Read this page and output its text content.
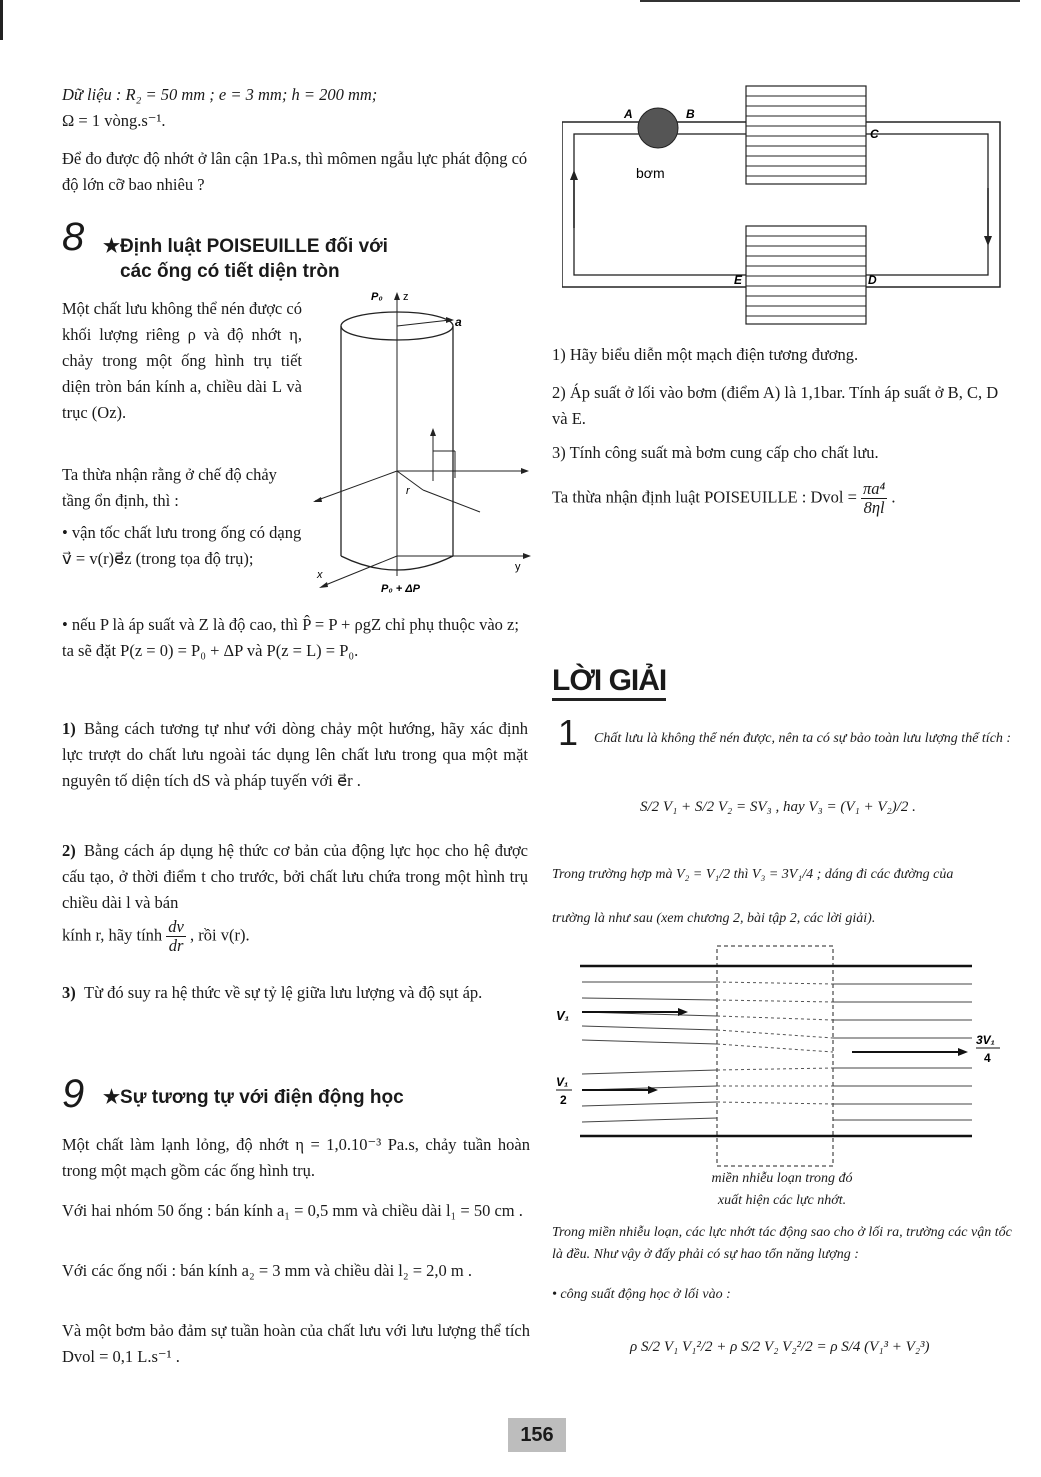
Dữ liệu : R₂ = 50 mm ; e = 3 mm; h = 200 mm;
Ω = 1 vòng.s⁻¹.
Để đo được độ nhớt ở lân cận 1Pa.s, thì mômen ngẫu lực phát động có độ lớn cỡ bao nhiêu ?
8 ★Định luật POISEUILLE đối với
các ống có tiết diện tròn
Một chất lưu không thể nén được có khối lượng riêng ρ và độ nhớt η, chảy trong một ống hình trụ tiết diện tròn bán kính a, chiều dài L và trục (Oz).
Ta thừa nhận rằng ở chế độ chảy tầng ổn định, thì :
• vận tốc chất lưu trong ống có dạng v⃗ = v(r)e⃗z (trong tọa độ trụ);
• nếu P là áp suất và Z là độ cao, thì P̂ = P + ρgZ chỉ phụ thuộc vào z; ta sẽ đặt P(z = 0) = P₀ + ΔP và P(z = L) = P₀.
P₀ z
a
r
y
x
P₀ + ΔP
1) Bằng cách tương tự như với dòng chảy một hướng, hãy xác định lực trượt do chất lưu ngoài tác dụng lên chất lưu trong qua một mặt nguyên tố diện tích dS và pháp tuyến với e⃗r .
2) Bằng cách áp dụng hệ thức cơ bản của động lực học cho hệ được cấu tạo, ở thời điểm t cho trước, bởi chất lưu chứa trong một hình trụ chiều dài l và bán
kính r, hãy tính $\frac{dv}{dr}$ , rồi v(r).
3) Từ đó suy ra hệ thức về sự tỷ lệ giữa lưu lượng và độ sụt áp.
9 ★Sự tương tự với điện động học
Một chất làm lạnh lỏng, độ nhớt η = 1,0.10⁻³ Pa.s, chảy tuần hoàn trong một mạch gồm các ống hình trụ.
Với hai nhóm 50 ống : bán kính a₁ = 0,5 mm và chiều dài l₁ = 50 cm .
Với các ống nối : bán kính a₂ = 3 mm và chiều dài l₂ = 2,0 m .
Và một bơm bảo đảm sự tuần hoàn của chất lưu với lưu lượng thể tích Dvol = 0,1 L.s⁻¹ .
A	B
C
D
E
bơm
1) Hãy biểu diễn một mạch điện tương đương.
2) Áp suất ở lối vào bơm (điểm A) là 1,1bar. Tính áp suất ở B, C, D và E.
3) Tính công suất mà bơm cung cấp cho chất lưu.
Ta thừa nhận định luật POISEUILLE : Dvol = $\frac{\text{πa⁴}}{8\eta l}$ .
LỜI GIẢI
1	Chất lưu là không thể nén được, nên ta có sự bảo toàn lưu lượng thể tích :
S/2 V₁ + S/2 V₂ = SV₃ , hay V₃ = (V₁ + V₂)/2 .
Trong trường hợp mà V₂ = V₁/2 thì V₃ = 3V₁/4 ; dáng đi các đường của
trường là như sau (xem chương 2, bài tập 2, các lời giải).
V₁
V₁
2
3V₁
4
miền nhiễu loạn trong đó
xuất hiện các lực nhớt.
Trong miền nhiễu loạn, các lực nhớt tác động sao cho ở lối ra, trường các vận tốc là đều. Như vậy ở đấy phải có sự hao tổn năng lượng :
• công suất động học ở lối vào :
ρ S/2 V₁ V₁²/2 + ρ S/2 V₂ V₂²/2 = ρ S/4 (V₁³ + V₂³)
156
